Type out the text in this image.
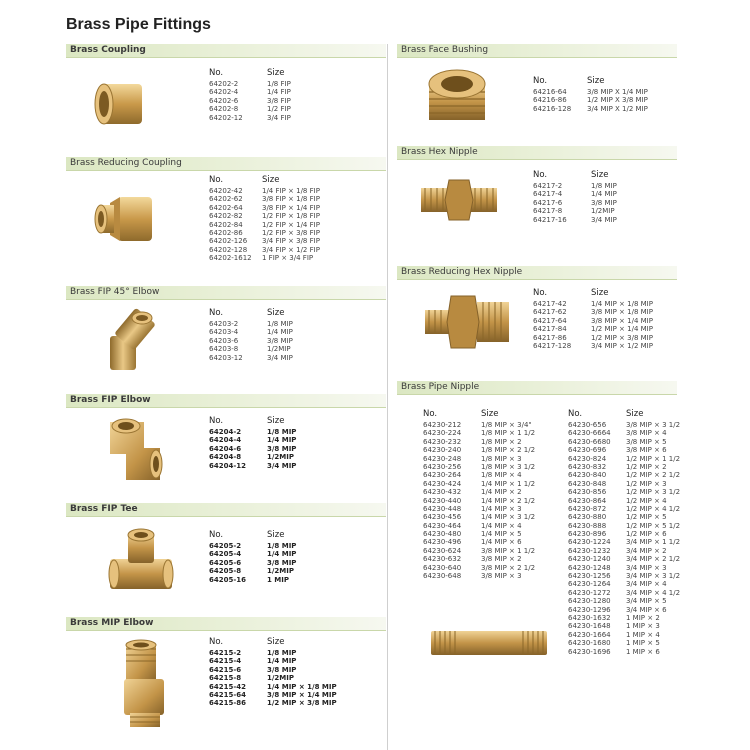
Brass Pipe Fittings
Brass Coupling
No.	Size
64202-2	1/8 FIP
64202-4	1/4 FIP
64202-6	3/8 FIP
64202-8	1/2 FIP
64202-12	3/4 FIP
Brass Reducing Coupling
No.	Size
64202-42	1/4 FIP × 1/8 FIP
64202-62	3/8 FIP × 1/8 FIP
64202-64	3/8 FIP × 1/4 FIP
64202-82	1/2 FIP × 1/8 FIP
64202-84	1/2 FIP × 1/4 FIP
64202-86	1/2 FIP × 3/8 FIP
64202-126 3/4 FIP × 3/8 FIP
64202-128 3/4 FIP × 1/2 FIP
64202-1612 1 FIP × 3/4 FIP
Brass FIP 45° Elbow
No.	Size
64203-2	1/8 MIP
64203-4	1/4 MIP
64203-6	3/8 MIP
64203-8	1/2MIP
64203-12	3/4 MIP
Brass FIP Elbow
No.	Size
64204-2	1/8 MIP
64204-4	1/4 MIP
64204-6	3/8 MIP
64204-8	1/2MIP
64204-12	3/4 MIP
Brass FIP Tee
No.	Size
64205-2	1/8 MIP
64205-4	1/4 MIP
64205-6	3/8 MIP
64205-8	1/2MIP
64205-16	1 MIP
Brass MIP Elbow
No.	Size
64215-2	1/8 MIP
64215-4	1/4 MIP
64215-6	3/8 MIP
64215-8	1/2MIP
64215-42	1/4 MIP × 1/8 MIP
64215-64	3/8 MIP × 1/4 MIP
64215-86	1/2 MIP × 3/8 MIP
Brass Face Bushing
No.	Size
64216-64	3/8 MIP X 1/4 MIP
64216-86	1/2 MIP X 3/8 MIP
64216-128 3/4 MIP X 1/2 MIP
Brass Hex Nipple
No.	Size
64217-2	1/8 MIP
64217-4	1/4 MIP
64217-6	3/8 MIP
64217-8	1/2MIP
64217-16	3/4 MIP
Brass Reducing Hex Nipple
No.	Size
64217-42	1/4 MIP × 1/8 MIP
64217-62	3/8 MIP × 1/8 MIP
64217-64	3/8 MIP × 1/4 MIP
64217-84	1/2 MIP × 1/4 MIP
64217-86	1/2 MIP × 3/8 MIP
64217-128	3/4 MIP × 1/2 MIP
Brass Pipe Nipple
No.	Size
64230-212	1/8 MIP × 3/4"
64230-224	1/8 MIP × 1 1/2
64230-232	1/8 MIP × 2
64230-240	1/8 MIP × 2 1/2
64230-248	1/8 MIP × 3
64230-256	1/8 MIP × 3 1/2
64230-264	1/8 MIP × 4
64230-424	1/4 MIP × 1 1/2
64230-432	1/4 MIP × 2
64230-440	1/4 MIP × 2 1/2
64230-448	1/4 MIP × 3
64230-456	1/4 MIP × 3 1/2
64230-464	1/4 MIP × 4
64230-480	1/4 MIP × 5
64230-496	1/4 MIP × 6
64230-624	3/8 MIP × 1 1/2
64230-632	3/8 MIP × 2
64230-640	3/8 MIP × 2 1/2
64230-648	3/8 MIP × 3
No.	Size
64230-656	3/8 MIP × 3 1/2
64230-6664 3/8 MIP × 4
64230-6680 3/8 MIP × 5
64230-696	3/8 MIP × 6
64230-824	1/2 MIP × 1 1/2
64230-832	1/2 MIP × 2
64230-840	1/2 MIP × 2 1/2
64230-848	1/2 MIP × 3
64230-856	1/2 MIP × 3 1/2
64230-864	1/2 MIP × 4
64230-872	1/2 MIP × 4 1/2
64230-880	1/2 MIP × 5
64230-888	1/2 MIP × 5 1/2
64230-896	1/2 MIP × 6
64230-1224 3/4 MIP × 1 1/2
64230-1232 3/4 MIP × 2
64230-1240 3/4 MIP × 2 1/2
64230-1248 3/4 MIP × 3
64230-1256 3/4 MIP × 3 1/2
64230-1264 3/4 MIP × 4
64230-1272 3/4 MIP × 4 1/2
64230-1280 3/4 MIP × 5
64230-1296 3/4 MIP × 6
64230-1632 1 MIP × 2
64230-1648 1 MIP × 3
64230-1664 1 MIP × 4
64230-1680 1 MIP × 5
64230-1696 1 MIP × 6
